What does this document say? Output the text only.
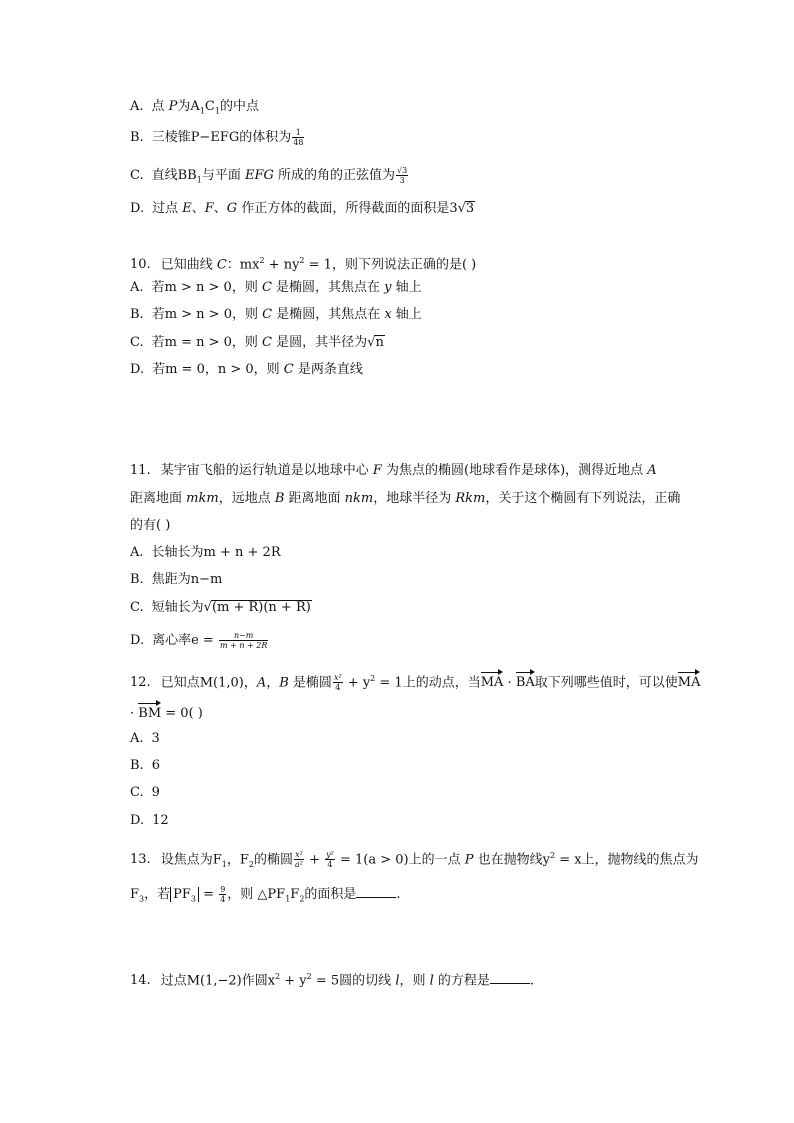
A. 点 P为$A_1C_1$的中点
B. 三棱锥P−EFG的体积为 $\frac{1}{48}$
C. 直线$BB_1$与平面 EFG 所成的角的正弦值为 $\frac{√3}{3}$
D. 过点 E、F、G 作正方体的截面，所得截面的面积是3√3
10. 已知曲线 C：$mx^2 + ny^2 = 1$，则下列说法正确的是( )
A. 若m > n > 0，则 C 是椭圆，其焦点在 y 轴上
B. 若m > n > 0，则 C 是椭圆，其焦点在 x 轴上
C. 若m = n > 0，则 C 是圆，其半径为√n
D. 若m = 0，n > 0，则 C 是两条直线
11. 某宇宙飞船的运行轨道是以地球中心 F 为焦点的椭圆(地球看作是球体)，测得近地点 A
距离地面 mkm，远地点 B 距离地面 nkm，地球半径为 Rkm，关于这个椭圆有下列说法，正确
的有( )
A. 长轴长为m + n + 2R
B. 焦距为n−m
C. 短轴长为√(m + R)(n + R)
D. 离心率$e = \frac{n-m}{m + n + 2R}$
12. 已知点M(1,0)，A，B 是椭圆 $\frac{\text{x²}}{4} + y^2 = 1$上的动点，当MA · BA取下列哪些值时，可以使MA
· BM = 0( )
A. 3
B. 6
C. 9
D. 12
13. 设焦点为$F_1$，$F_2$的椭圆 $\frac{\text{x²}}{\text{a²}} + \frac{\text{y²}}{4} = 1(a > 0)$上的一点 P 也在抛物线$y^2 = x$上，抛物线的焦点为
$F_3$，若 $PF_3 = \frac{9}{4}$ ，则 $\triangle PF_1F_2$的面积是	.
14. 过点M(1,−2)作圆$x^2 + y^2 = 5$圆的切线 l，则 l 的方程是	.
